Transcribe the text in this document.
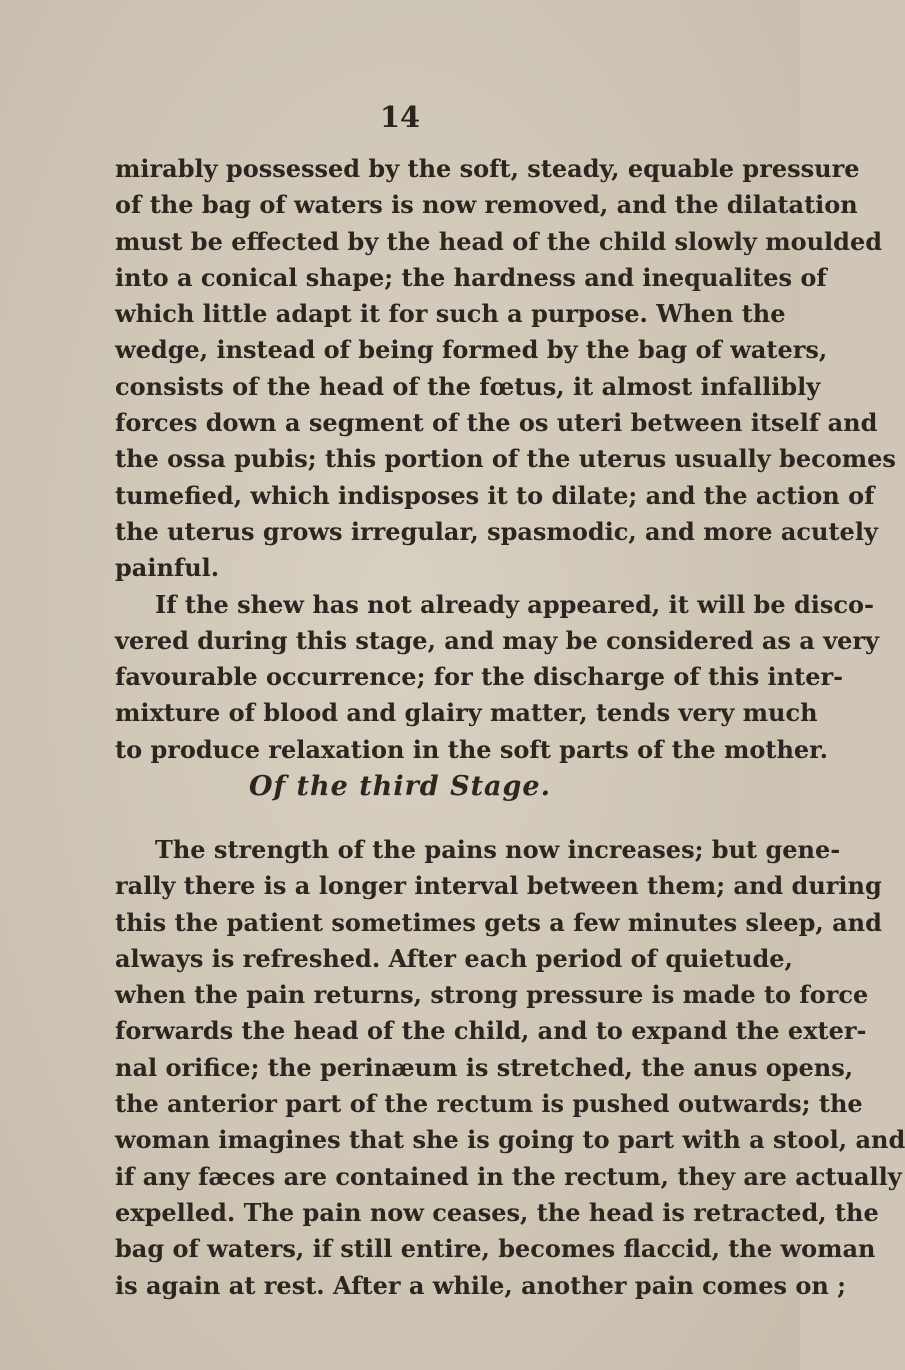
14
mirably possessed by the soft, steady, equable pressure
of the bag of waters is now removed, and the dilatation
must be effected by the head of the child slowly moulded
into a conical shape; the hardness and inequalites of
which little adapt it for such a purpose. When the
wedge, instead of being formed by the bag of waters,
consists of the head of the fœtus, it almost infallibly
forces down a segment of the os uteri between itself and
the ossa pubis; this portion of the uterus usually becomes
tumefied, which indisposes it to dilate; and the action of
the uterus grows irregular, spasmodic, and more acutely
painful.
If the shew has not already appeared, it will be disco-
vered during this stage, and may be considered as a very
favourable occurrence; for the discharge of this inter-
mixture of blood and glairy matter, tends very much
to produce relaxation in the soft parts of the mother.
Of the third Stage.
The strength of the pains now increases; but gene-
rally there is a longer interval between them; and during
this the patient sometimes gets a few minutes sleep, and
always is refreshed. After each period of quietude,
when the pain returns, strong pressure is made to force
forwards the head of the child, and to expand the exter-
nal orifice; the perinæum is stretched, the anus opens,
the anterior part of the rectum is pushed outwards; the
woman imagines that she is going to part with a stool, and
if any fæces are contained in the rectum, they are actually
expelled. The pain now ceases, the head is retracted, the
bag of waters, if still entire, becomes flaccid, the woman
is again at rest. After a while, another pain comes on ;
